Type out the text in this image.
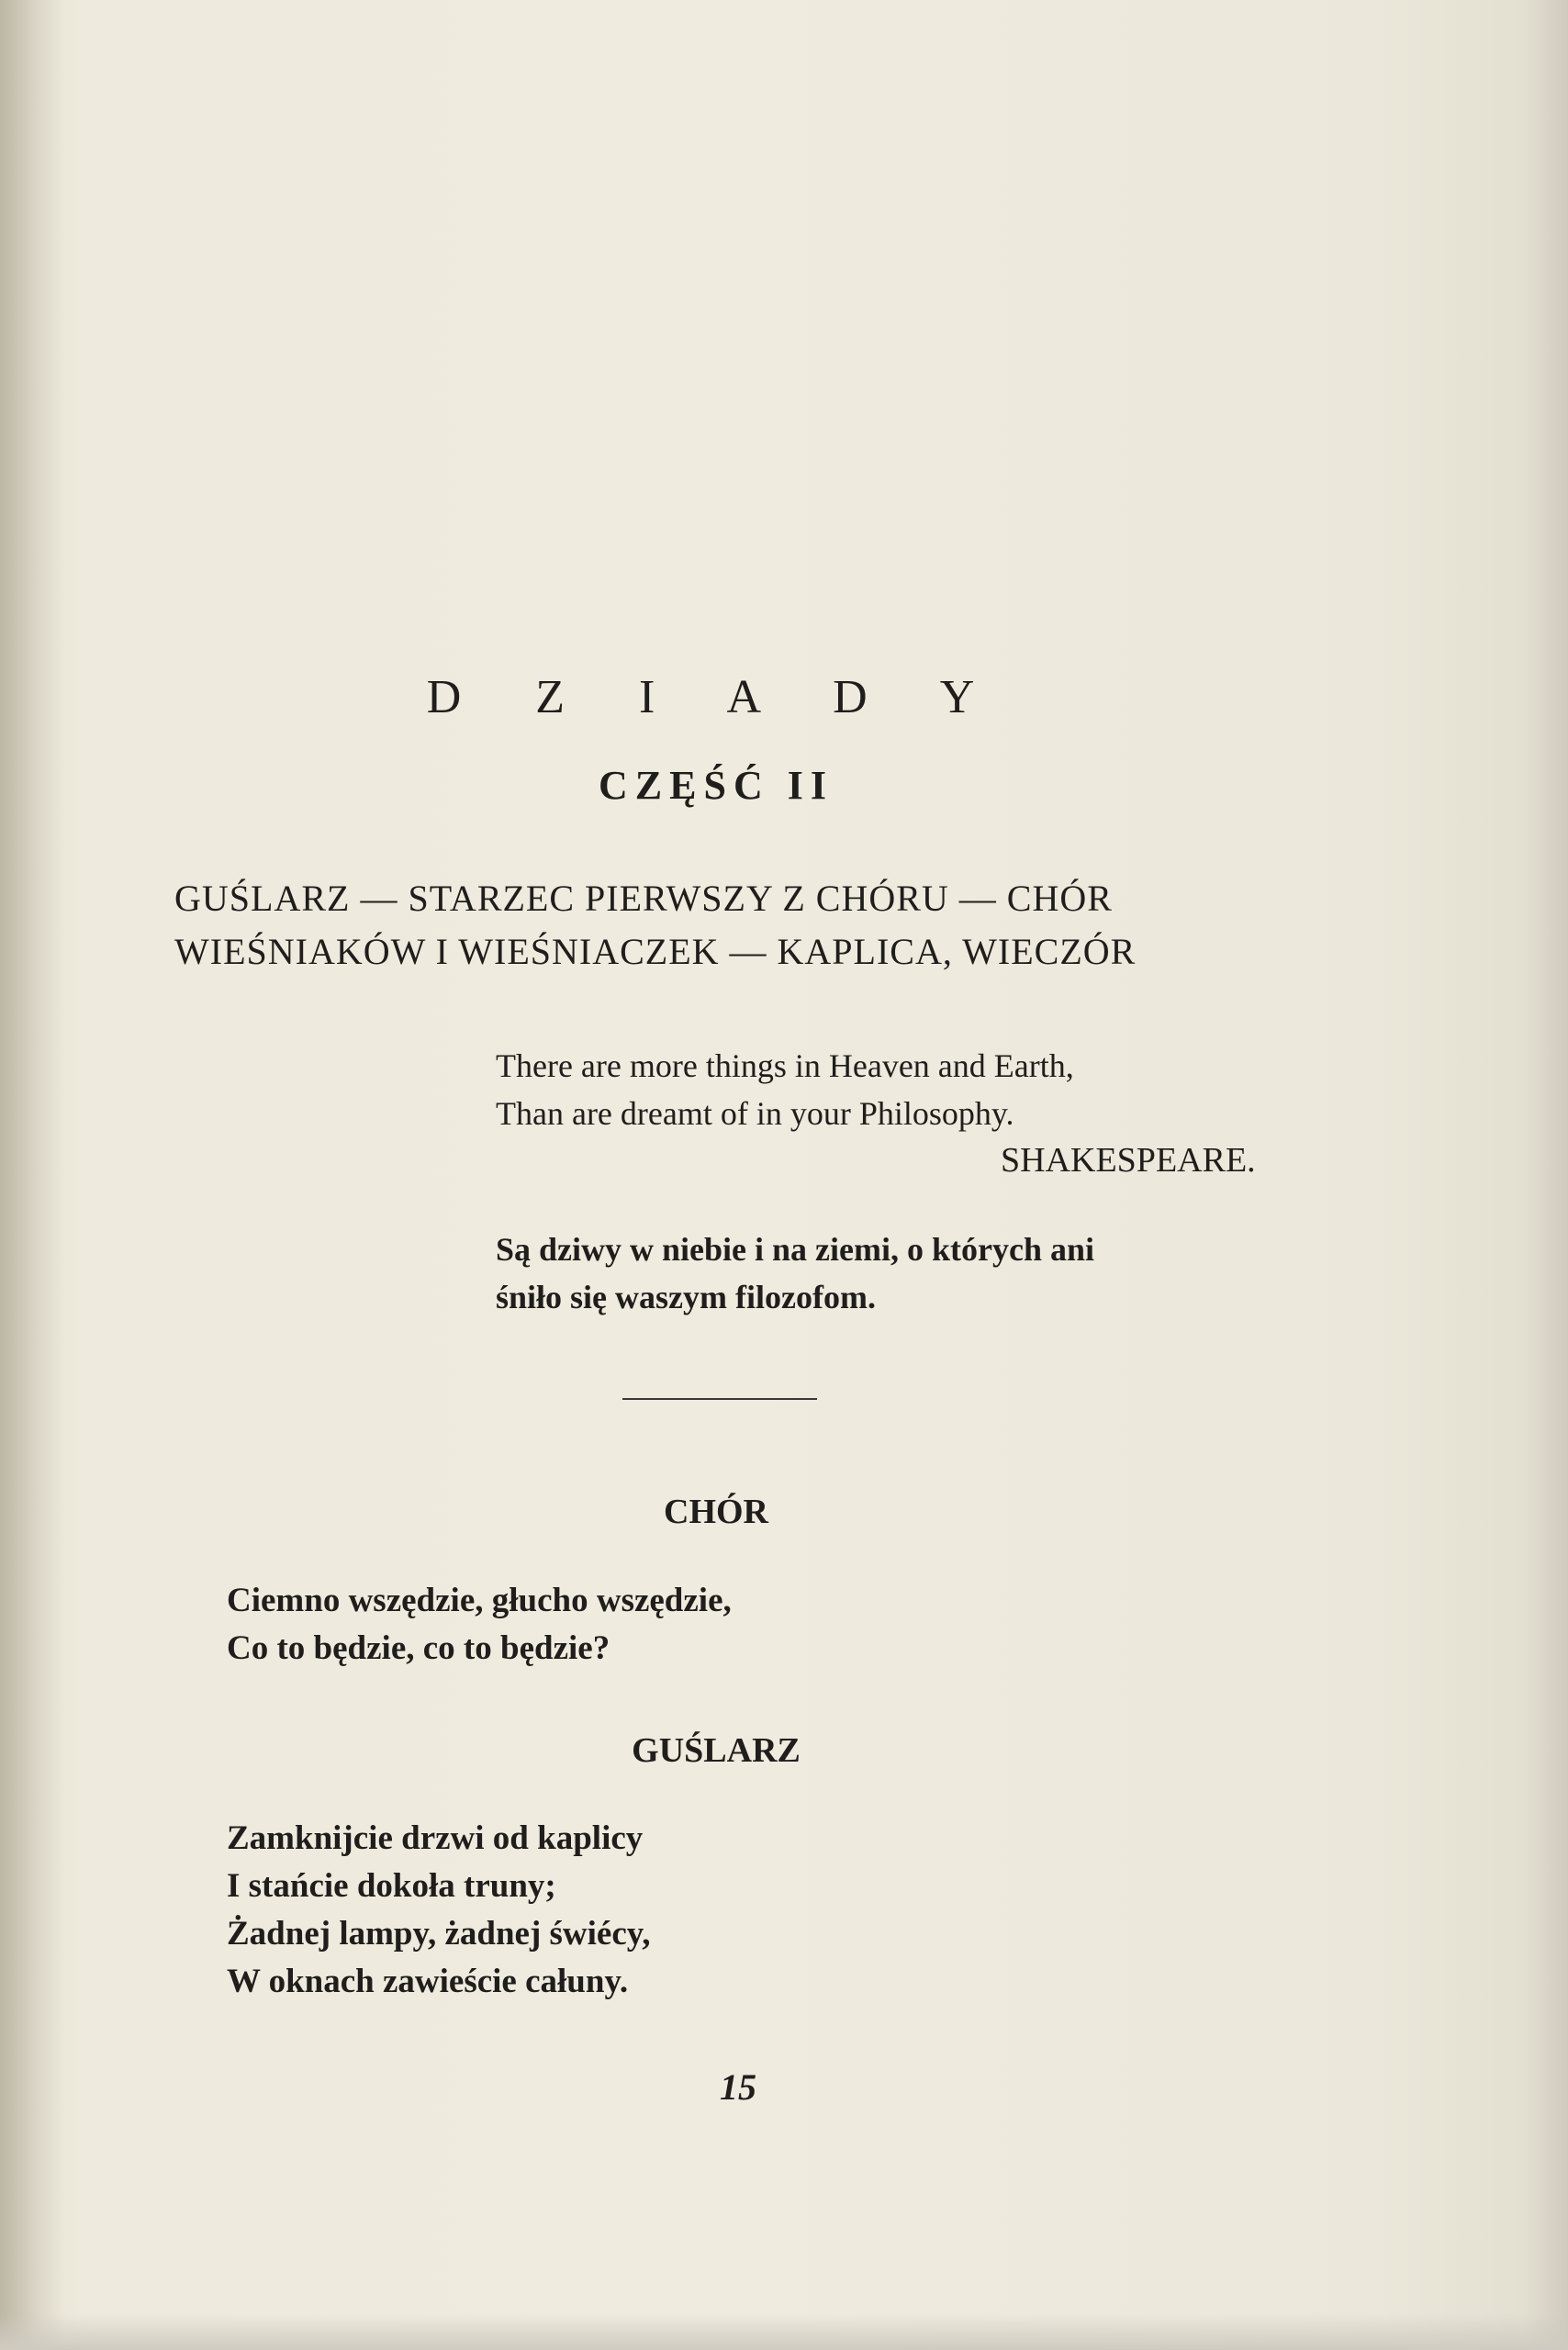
D Z I A D Y
CZĘŚĆ II
GUŚLARZ — STARZEC PIERWSZY Z CHÓRU — CHÓR
WIEŚNIAKÓW I WIEŚNIACZEK — KAPLICA, WIECZÓR
There are more things in Heaven and Earth,
Than are dreamt of in your Philosophy.
SHAKESPEARE.
Są dziwy w niebie i na ziemi, o których ani
śniło się waszym filozofom.
CHÓR
Ciemno wszędzie, głucho wszędzie,
Co to będzie, co to będzie?
GUŚLARZ
Zamknijcie drzwi od kaplicy
I stańcie dokoła truny;
Żadnej lampy, żadnej świécy,
W oknach zawieście całuny.
15
